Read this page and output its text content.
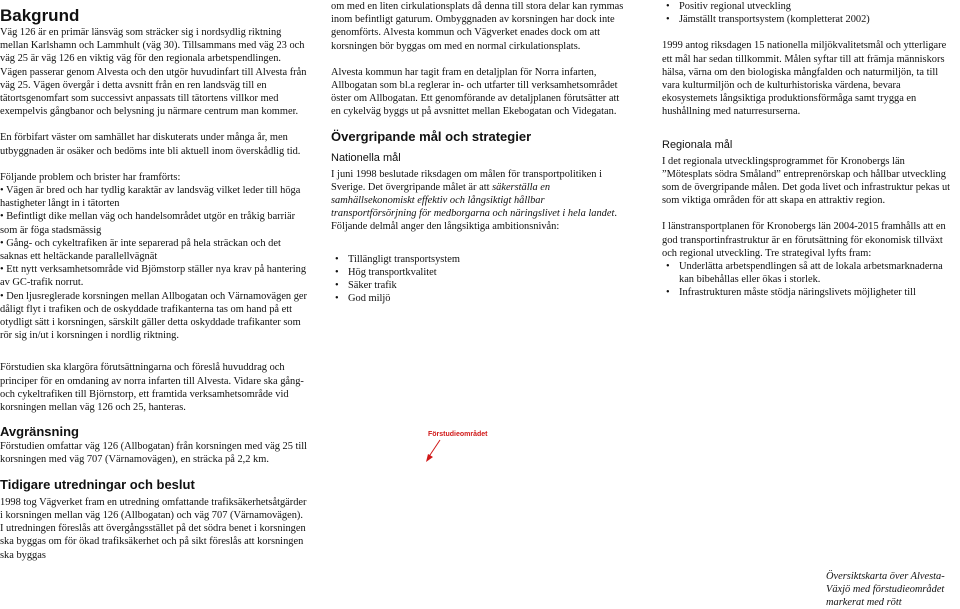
Bakgrund

Väg 126 är en primär länsväg som sträcker sig i nordsydlig riktning mellan Karlshamn och Lammhult (väg 30). Tillsammans med väg 23 och väg 25 är väg 126 en viktig väg för den regionala arbetspendlingen. Vägen passerar genom Alvesta och den utgör huvudinfart till Alvesta från väg 25. Vägen övergår i detta avsnitt från en ren landsväg till en tätortsgenomfart som successivt anpassats till tätortens villkor med exempelvis gångbanor och belysning ju närmare centrum man kommer.

En förbifart väster om samhället har diskuterats under många år, men utbyggnaden är osäker och bedöms inte bli aktuell inom överskådlig tid.

Följande problem och brister har framförts:

• Vägen är bred och har tydlig karaktär av landsväg vilket leder till höga hastigheter långt in i tätorten
• Befintligt dike mellan väg och handelsområdet utgör en tråkig barriär som är föga stadsmässig
• Gång- och cykeltrafiken är inte separerad på hela sträckan och det saknas ett heltäckande parallellvägnät
• Ett nytt verksamhetsområde vid Bjömstorp ställer nya krav på hantering av GC-trafik norrut.
• Den ljusreglerade korsningen mellan Allbogatan och Värnamovägen ger dåligt flyt i trafiken och de oskyddade trafikanterna tas om hand på ett otydligt sätt i korsningen, särskilt gäller detta oskyddade trafikanter som rör sig in/ut i korsningen i nordlig riktning.

Förstudien ska klargöra förutsättningarna och föreslå huvuddrag och principer för en omdaning av norra infarten till Alvesta. Vidare ska gång- och cykeltrafiken till Björnstorp, ett framtida verksamhetsområde vid korsningen mellan väg 126 och 25, hanteras.

Avgränsning

Förstudien omfattar väg 126 (Allbogatan) från korsningen med väg 25 till korsningen med väg 707 (Värnamovägen), en sträcka på 2,2 km.

Tidigare utredningar och beslut

1998 tog Vägverket fram en utredning omfattande trafiksäkerhetsåtgärder i korsningen mellan väg 126 (Allbogatan) och väg 707 (Värnamovägen). I utredningen föreslås att övergångsstället på det södra benet i korsningen ska byggas om för ökad trafiksäkerhet och på sikt föreslås att korsningen ska byggas

om med en liten cirkulationsplats då denna till stora delar kan rymmas inom befintligt gaturum. Ombyggnaden av korsningen har dock inte genomförts. Alvesta kommun och Vägverket enades dock om att korsningen bör byggas om med en normal cirkulationsplats.

Alvesta kommun har tagit fram en detaljplan för Norra infarten, Allbogatan som bl.a reglerar in- och utfarter till verksamhetsområdet öster om Allbogatan. Ett genomförande av detaljplanen förutsätter att en cykelväg byggs ut på avsnittet mellan Ekebogatan och Videgatan.

Övergripande mål och strategier
Nationella mål

I juni 1998 beslutade riksdagen om målen för transportpolitiken i Sverige. Det övergripande målet är att säkerställa en samhällsekonomiskt effektiv och långsiktigt hållbar transportförsörjning för medborgarna och näringslivet i hela landet. Följande delmål anger den långsiktiga ambitionsnivån:

• Tillängligt transportsystem
• Hög transportkvalitet
• Säker trafik
• God miljö
• Positiv regional utveckling
• Jämställt transportsystem (kompletterat 2002)

1999 antog riksdagen 15 nationella miljökvalitetsmål och ytterligare ett mål har sedan tillkommit. Målen syftar till att främja människors hälsa, värna om den biologiska mångfalden och naturmiljön, ta till vara kulturmiljön och de kulturhistoriska värdena, bevara ekosystemets långsiktiga produktionsförmåga samt trygga en hushållning med naturresurserna.

Regionala mål

I det regionala utvecklingsprogrammet för Kronobergs län ”Mötesplats södra Småland” entreprenörskap och hållbar utveckling som de övergripande målen. Det goda livet och infrastruktur pekas ut som viktiga områden för att skapa en attraktiv region.

I länstransportplanen för Kronobergs län 2004-2015 framhålls att en god transportinfrastruktur är en förutsättning för ekonomisk tillväxt och regional utveckling. Tre strategival lyfts fram:

• Underlätta arbetspendlingen så att de lokala arbetsmarknaderna kan bibehållas eller ökas i storlek.
• Infrastrukturen måste stödja näringslivets möjligheter till
Förstudieområdet
Översiktskarta över Alvesta-Växjö med förstudieområdet markerat med rött
